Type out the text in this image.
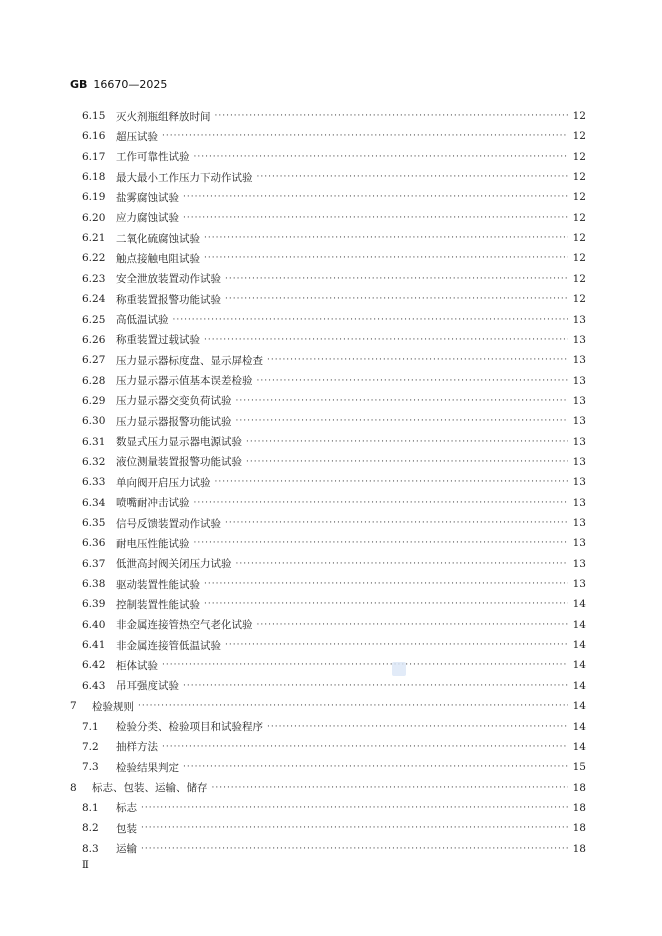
GB 16670—2025
6.15	灭火剂瓶组释放时间 ·····	12
6.16	超压试验 ·····	12
6.17	工作可靠性试验 ·····	12
6.18	最大最小工作压力下动作试验 ·····	12
6.19	盐雾腐蚀试验 ·····	12
6.20	应力腐蚀试验 ·····	12
6.21	二氧化硫腐蚀试验 ·····	12
6.22	触点接触电阻试验 ·····	12
6.23	安全泄放装置动作试验 ·····	12
6.24	称重装置报警功能试验 ·····	12
6.25	高低温试验 ·····	13
6.26	称重装置过载试验 ·····	13
6.27	压力显示器标度盘、显示屏检查 ·····	13
6.28	压力显示器示值基本误差检验 ·····	13
6.29	压力显示器交变负荷试验 ·····	13
6.30	压力显示器报警功能试验 ·····	13
6.31	数显式压力显示器电源试验 ·····	13
6.32	液位测量装置报警功能试验 ·····	13
6.33	单向阀开启压力试验 ·····	13
6.34	喷嘴耐冲击试验 ·····	13
6.35	信号反馈装置动作试验 ·····	13
6.36	耐电压性能试验 ·····	13
6.37	低泄高封阀关闭压力试验 ·····	13
6.38	驱动装置性能试验 ·····	13
6.39	控制装置性能试验 ·····	14
6.40	非金属连接管热空气老化试验 ·····	14
6.41	非金属连接管低温试验 ·····	14
6.42	柜体试验 ·····	14
6.43	吊耳强度试验 ·····	14
7	检验规则 ·····	14
7.1	检验分类、检验项目和试验程序 ·····	14
7.2	抽样方法 ·····	14
7.3	检验结果判定 ·····	15
8	标志、包装、运输、储存 ·····	18
8.1	标志 ·····	18
8.2	包装 ·····	18
8.3	运输 ·····	18
Ⅱ
